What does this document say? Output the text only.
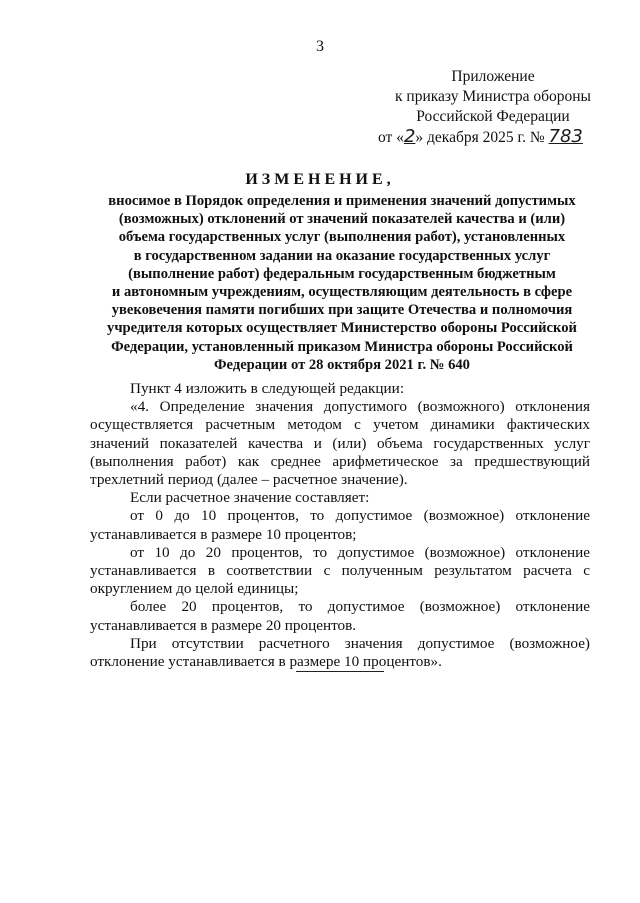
3
Приложение
к приказу Министра обороны
Российской Федерации
от «2» декабря 2025 г. № 783
ИЗМЕНЕНИЕ,
вносимое в Порядок определения и применения значений допустимых
(возможных) отклонений от значений показателей качества и (или)
объема государственных услуг (выполнения работ), установленных
в государственном задании на оказание государственных услуг
(выполнение работ) федеральным государственным бюджетным
и автономным учреждениям, осуществляющим деятельность в сфере
увековечения памяти погибших при защите Отечества и полномочия
учредителя которых осуществляет Министерство обороны Российской
Федерации, установленный приказом Министра обороны Российской
Федерации от 28 октября 2021 г. № 640

Пункт 4 изложить в следующей редакции:

«4. Определение значения допустимого (возможного) отклонения осуществляется расчетным методом с учетом динамики фактических значений показателей качества и (или) объема государственных услуг (выполнения работ) как среднее арифметическое за предшествующий трехлетний период (далее – расчетное значение).

Если расчетное значение составляет:

от 0 до 10 процентов, то допустимое (возможное) отклонение устанавливается в размере 10 процентов;

от 10 до 20 процентов, то допустимое (возможное) отклонение устанавливается в соответствии с полученным результатом расчета с округлением до целой единицы;

более 20 процентов, то допустимое (возможное) отклонение устанавливается в размере 20 процентов.

При отсутствии расчетного значения допустимое (возможное) отклонение устанавливается в размере 10 процентов».
